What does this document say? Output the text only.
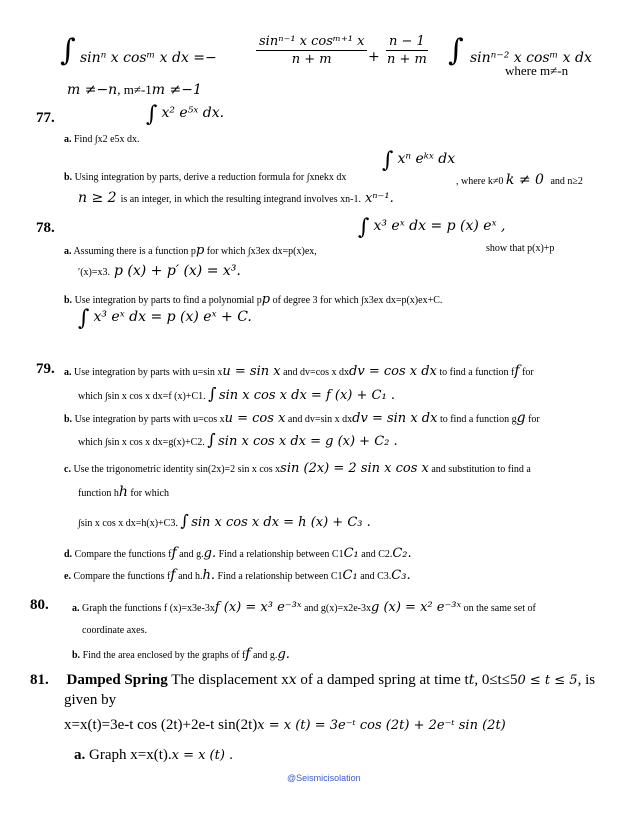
∫ sinⁿ x cosᵐ x dx =−	$\frac{\text{sinⁿ⁻¹ x cosᵐ⁺¹ x}}{n + m} + \frac{n - 1}{n + m}$ ∫ sinⁿ⁻² x cosᵐ x dx
where m≠-n
m ≠−n, m≠-1m ≠−1
77.	∫ x² e⁵ˣ dx.
a. Find ∫x2 e5x dx.
b. Using integration by parts, derive a reduction formula for ∫xnekx dx
∫ xⁿ eᵏˣ dx
, where k≠0 k ≠ 0 and n≥2
n ≥ 2 is an integer, in which the resulting integrand involves xn-1. xⁿ⁻¹.
78.	∫ x³ eˣ dx = p (x) eˣ ,
a. Assuming there is a function pp for which ∫x3ex dx=p(x)ex,	show that p(x)+p
′(x)=x3. p (x) + p′ (x) = x³.
b. Use integration by parts to find a polynomial pp of degree 3 for which ∫x3ex dx=p(x)ex+C.
∫ x³ eˣ dx = p (x) eˣ + C.
79. a. Use integration by parts with u=sin xu = sin x and dv=cos x dxdv = cos x dx to find a function ff for
which ∫sin x cos x dx=f (x)+C1. ∫ sin x cos x dx = f (x) + C₁ .
b. Use integration by parts with u=cos xu = cos x and dv=sin x dxdv = sin x dx to find a function gg for
which ∫sin x cos x dx=g(x)+C2. ∫ sin x cos x dx = g (x) + C₂ .
c. Use the trigonometric identity sin(2x)=2 sin x cos xsin (2x) = 2 sin x cos x and substitution to find a
function hh for which
∫sin x cos x dx=h(x)+C3. ∫ sin x cos x dx = h (x) + C₃ .
d. Compare the functions ff and g.g. Find a relationship between C1C₁ and C2.C₂.
e. Compare the functions ff and h.h. Find a relationship between C1C₁ and C3.C₃.
80. a. Graph the functions f (x)=x3e-3xf (x) = x³ e⁻³ˣ and g(x)=x2e-3xg (x) = x² e⁻³ˣ on the same set of
coordinate axes.
b. Find the area enclosed by the graphs of ff and g.g.
81. Damped Spring The displacement xx of a damped spring at time tt, 0≤t≤50 ≤ t ≤ 5, is
given by
x=x(t)=3e-t cos (2t)+2e-t sin(2t)x = x (t) = 3e⁻ᵗ cos (2t) + 2e⁻ᵗ sin (2t)
a. Graph x=x(t).x = x (t) .
@Seismicisolation
